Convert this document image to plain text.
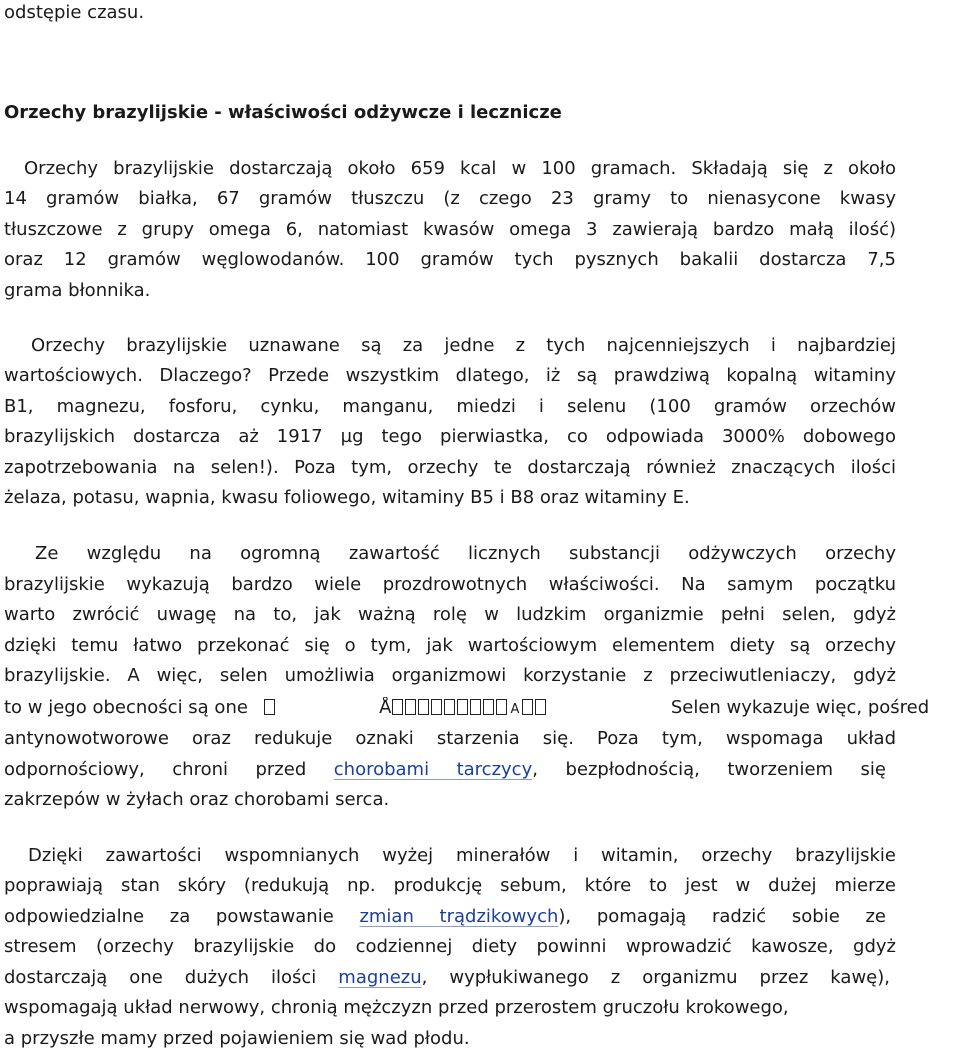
odstępie czasu.
Orzechy brazylijskie - właściwości odżywcze i lecznicze
Orzechy brazylijskie dostarczają około 659 kcal w 100 gramach. Składają się z około
14 gramów białka, 67 gramów tłuszczu (z czego 23 gramy to nienasycone kwasy
tłuszczowe z grupy omega 6, natomiast kwasów omega 3 zawierają bardzo małą ilość)
oraz 12 gramów węglowodanów. 100 gramów tych pysznych bakalii dostarcza 7,5
grama błonnika.
Orzechy brazylijskie uznawane są za jedne z tych najcenniejszych i najbardziej
wartościowych. Dlaczego? Przede wszystkim dlatego, iż są prawdziwą kopalną witaminy
B1, magnezu, fosforu, cynku, manganu, miedzi i selenu (100 gramów orzechów
brazylijskich dostarcza aż 1917 µg tego pierwiastka, co odpowiada 3000% dobowego
zapotrzebowania na selen!). Poza tym, orzechy te dostarczają również znaczących ilości
żelaza, potasu, wapnia, kwasu foliowego, witaminy B5 i B8 oraz witaminy E.
Ze względu na ogromną zawartość licznych substancji odżywczych orzechy
brazylijskie wykazują bardzo wiele prozdrowotnych właściwości. Na samym początku
warto zwrócić uwagę na to, jak ważną rolę w ludzkim organizmie pełni selen, gdyż
dzięki temu łatwo przekonać się o tym, jak wartościowym elementem diety są orzechy
brazylijskie. A więc, selen umożliwia organizmowi korzystanie z przeciwutleniaczy, gdyż
to w jego obecności są one	Å	A	Selen wykazuje więc, pośred
antynowotworowe oraz redukuje oznaki starzenia się. Poza tym, wspomaga układ
odpornościowy, chroni przed chorobami tarczycy, bezpłodnością, tworzeniem się
zakrzepów w żyłach oraz chorobami serca.
Dzięki zawartości wspomnianych wyżej minerałów i witamin, orzechy brazylijskie
poprawiają stan skóry (redukują np. produkcję sebum, które to jest w dużej mierze
odpowiedzialne za powstawanie zmian trądzikowych), pomagają radzić sobie ze
stresem (orzechy brazylijskie do codziennej diety powinni wprowadzić kawosze, gdyż
dostarczają one dużych ilości magnezu, wypłukiwanego z organizmu przez kawę),
wspomagają układ nerwowy, chronią mężczyzn przed przerostem gruczołu krokowego,
a przyszłe mamy przed pojawieniem się wad płodu.
